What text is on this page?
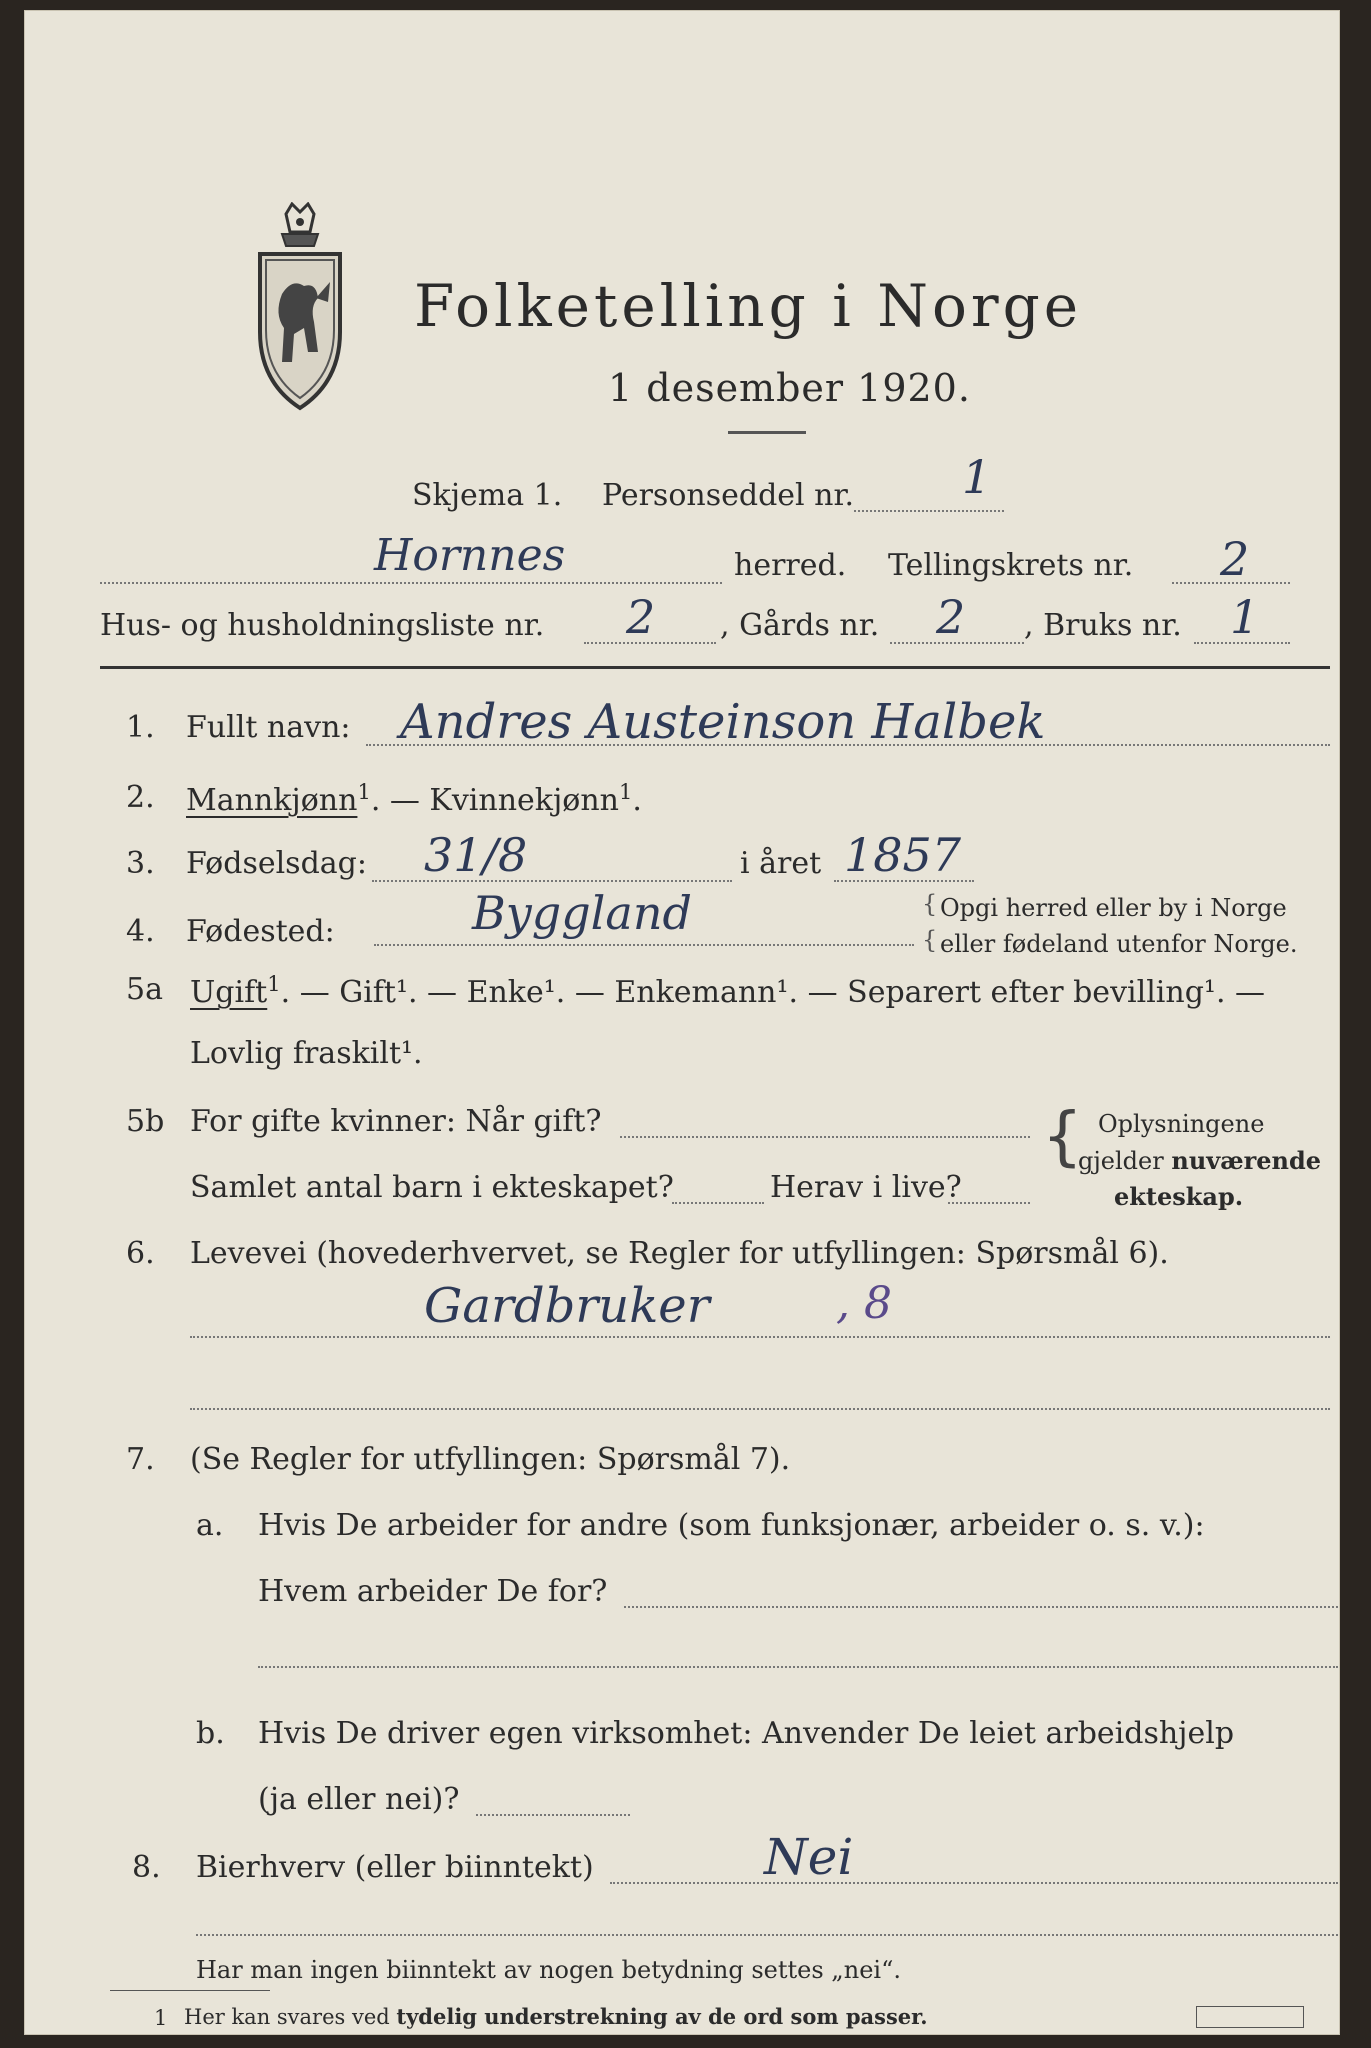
Folketelling i Norge
1 desember 1920.
Skjema 1. Personseddel nr. 1
Hornnes	herred. Tellingskrets nr. 2
Hus- og husholdningsliste nr. 2 , Gårds nr. 2 , Bruks nr. 1
1. Fullt navn: Andres Austeinson Halbek
2. Mannkjønn$^1$. — Kvinnekjønn$^1$.
3. Fødselsdag: 31/8	i året 1857
4. Fødested:	Byggland	{
{
Opgi herred eller by i Norge
eller fødeland utenfor Norge.
5a Ugift$^1$. — Gift¹. — Enke¹. — Enkemann¹. — Separert efter bevilling¹. —
Lovlig fraskilt¹.
5b For gifte kvinner: Når gift?
Samlet antal barn i ekteskapet?	Herav i live?
{ Oplysningene
gjelder nuværende
ekteskap.
6. Levevei (hovederhvervet, se Regler for utfyllingen: Spørsmål 6).
Gardbruker	, 8
7. (Se Regler for utfyllingen: Spørsmål 7).
a. Hvis De arbeider for andre (som funksjonær, arbeider o. s. v.):
Hvem arbeider De for?
b. Hvis De driver egen virksomhet: Anvender De leiet arbeidshjelp
(ja eller nei)?
8. Bierhverv (eller biinntekt)	Nei
Har man ingen biinntekt av nogen betydning settes „nei“.
1 Her kan svares ved tydelig understrekning av de ord som passer.
